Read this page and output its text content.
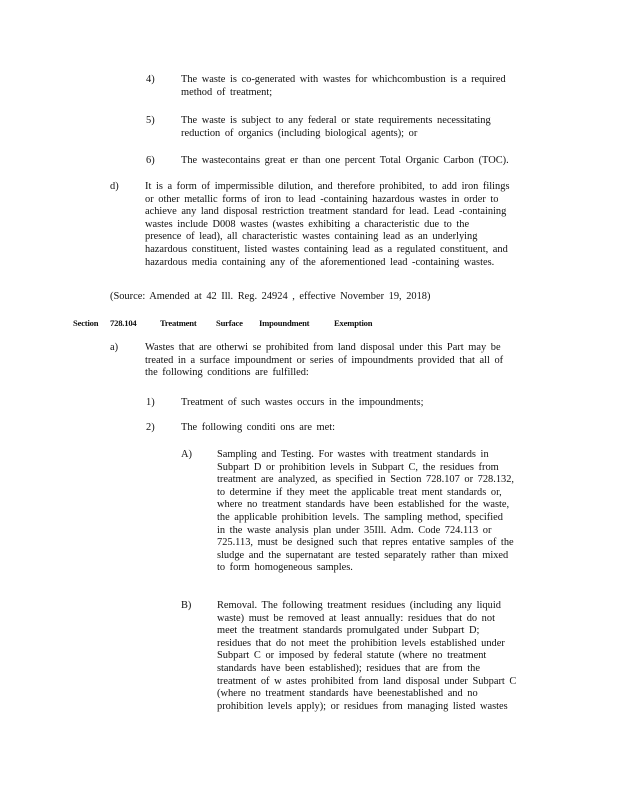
4)	The waste is co-generated with wastes for whichcombustion is a required
method of treatment;
5)	The waste is subject to any federal or state requirements necessitating
reduction of organics (including biological agents); or
6)	The wastecontains great er than one percent Total Organic Carbon (TOC).
d)	It is a form of impermissible dilution, and therefore prohibited, to add iron filings
or other metallic forms of iron to lead -containing hazardous wastes in order to
achieve any land disposal restriction treatment standard for lead. Lead -containing
wastes include D008 wastes (wastes exhibiting a characteristic due to the
presence of lead), all characteristic wastes containing lead as an underlying
hazardous constituent, listed wastes containing lead as a regulated constituent, and
hazardous media containing any of the aforementioned lead -containing wastes.
(Source: Amended at 42 Ill. Reg. 24924 , effective November 19, 2018)
Section 728.104	Treatment Surface Impoundment	Exemption
a)	Wastes that are otherwi se prohibited from land disposal under this Part may be
treated in a surface impoundment or series of impoundments provided that all of
the following conditions are fulfilled:
1)	Treatment of such wastes occurs in the impoundments;
2)	The following conditi ons are met:
A) Sampling and Testing. For wastes with treatment standards in
Subpart D or prohibition levels in Subpart C, the residues from
treatment are analyzed, as specified in Section 728.107 or 728.132,
to determine if they meet the applicable treat ment standards or,
where no treatment standards have been established for the waste,
the applicable prohibition levels. The sampling method, specified
in the waste analysis plan under 35Ill. Adm. Code 724.113 or
725.113, must be designed such that repres entative samples of the
sludge and the supernatant are tested separately rather than mixed
to form homogeneous samples.
B) Removal. The following treatment residues (including any liquid
waste) must be removed at least annually: residues that do not
meet the treatment standards promulgated under Subpart D;
residues that do not meet the prohibition levels established under
Subpart C or imposed by federal statute (where no treatment
standards have been established); residues that are from the
treatment of w astes prohibited from land disposal under Subpart C
(where no treatment standards have beenestablished and no
prohibition levels apply); or residues from managing listed wastes
